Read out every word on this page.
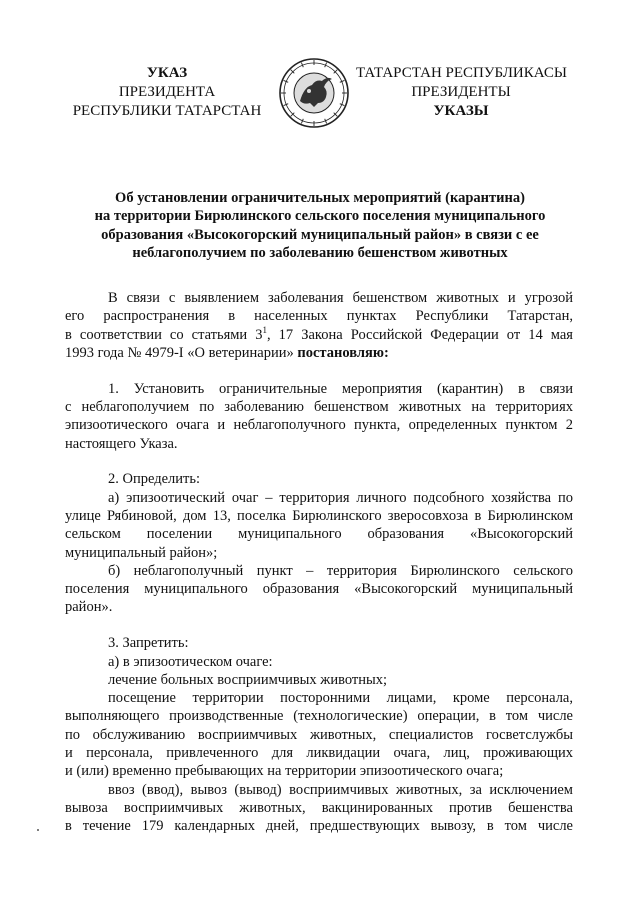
УКАЗ
ПРЕЗИДЕНТА
РЕСПУБЛИКИ ТАТАРСТАН
ТАТАРСТАН РЕСПУБЛИКАСЫ
ПРЕЗИДЕНТЫ
УКАЗЫ
Об установлении ограничительных мероприятий (карантина)
на территории Бирюлинского сельского поселения муниципального
образования «Высокогорский муниципальный район» в связи с ее
неблагополучием по заболеванию бешенством животных

В связи с выявлением заболевания бешенством животных и угрозой
его распространения в населенных пунктах Республики Татарстан,
в соответствии со статьями $3^1$, 17 Закона Российской Федерации от 14 мая
1993 года № 4979-I «О ветеринарии» постановляю:

1. Установить ограничительные мероприятия (карантин) в связи
с неблагополучием по заболеванию бешенством животных на территориях
эпизоотического очага и неблагополучного пункта, определенных пунктом 2
настоящего Указа.

2. Определить:

а) эпизоотический очаг – территория личного подсобного хозяйства по
улице Рябиновой, дом 13, поселка Бирюлинского зверосовхоза в Бирюлинском
сельском поселении муниципального образования «Высокогорский
муниципальный район»;

б) неблагополучный пункт – территория Бирюлинского сельского
поселения муниципального образования «Высокогорский муниципальный
район».

3. Запретить:

а) в эпизоотическом очаге:

лечение больных восприимчивых животных;

посещение территории посторонними лицами, кроме персонала,
выполняющего производственные (технологические) операции, в том числе
по обслуживанию восприимчивых животных, специалистов госветслужбы
и персонала, привлеченного для ликвидации очага, лиц, проживающих
и (или) временно пребывающих на территории эпизоотического очага;

ввоз (ввод), вывоз (вывод) восприимчивых животных, за исключением
вывоза восприимчивых животных, вакцинированных против бешенства
в течение 179 календарных дней, предшествующих вывозу, в том числе
